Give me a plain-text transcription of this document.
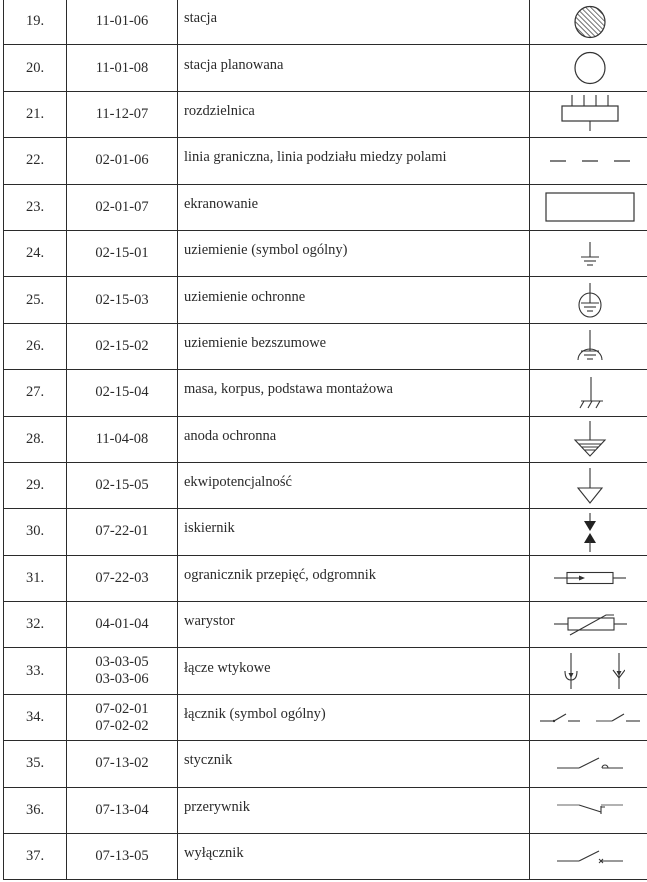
19.	11-01-06	stacja	

20.	11-01-08	stacja planowana	

21.	11-12-07	rozdzielnica	

22.	02-01-06	linia graniczna, linia podziału miedzy polami	

23.	02-01-07	ekranowanie	

24.	02-15-01	uziemienie (symbol ogólny)	

25.	02-15-03	uziemienie ochronne	

26.	02-15-02	uziemienie bezszumowe	

27.	02-15-04	masa, korpus, podstawa montażowa	

28.	11-04-08	anoda ochronna	

29.	02-15-05	ekwipotencjalność	

30.	07-22-01	iskiernik	

31.	07-22-03	ogranicznik przepięć, odgromnik	

32.	04-01-04	warystor	

33.	03-03-05
03-03-06	łącze wtykowe	

34.	07-02-01
07-02-02	łącznik (symbol ogólny)	

35.	07-13-02	stycznik	

36.	07-13-04	przerywnik	

37.	07-13-05	wyłącznik	
